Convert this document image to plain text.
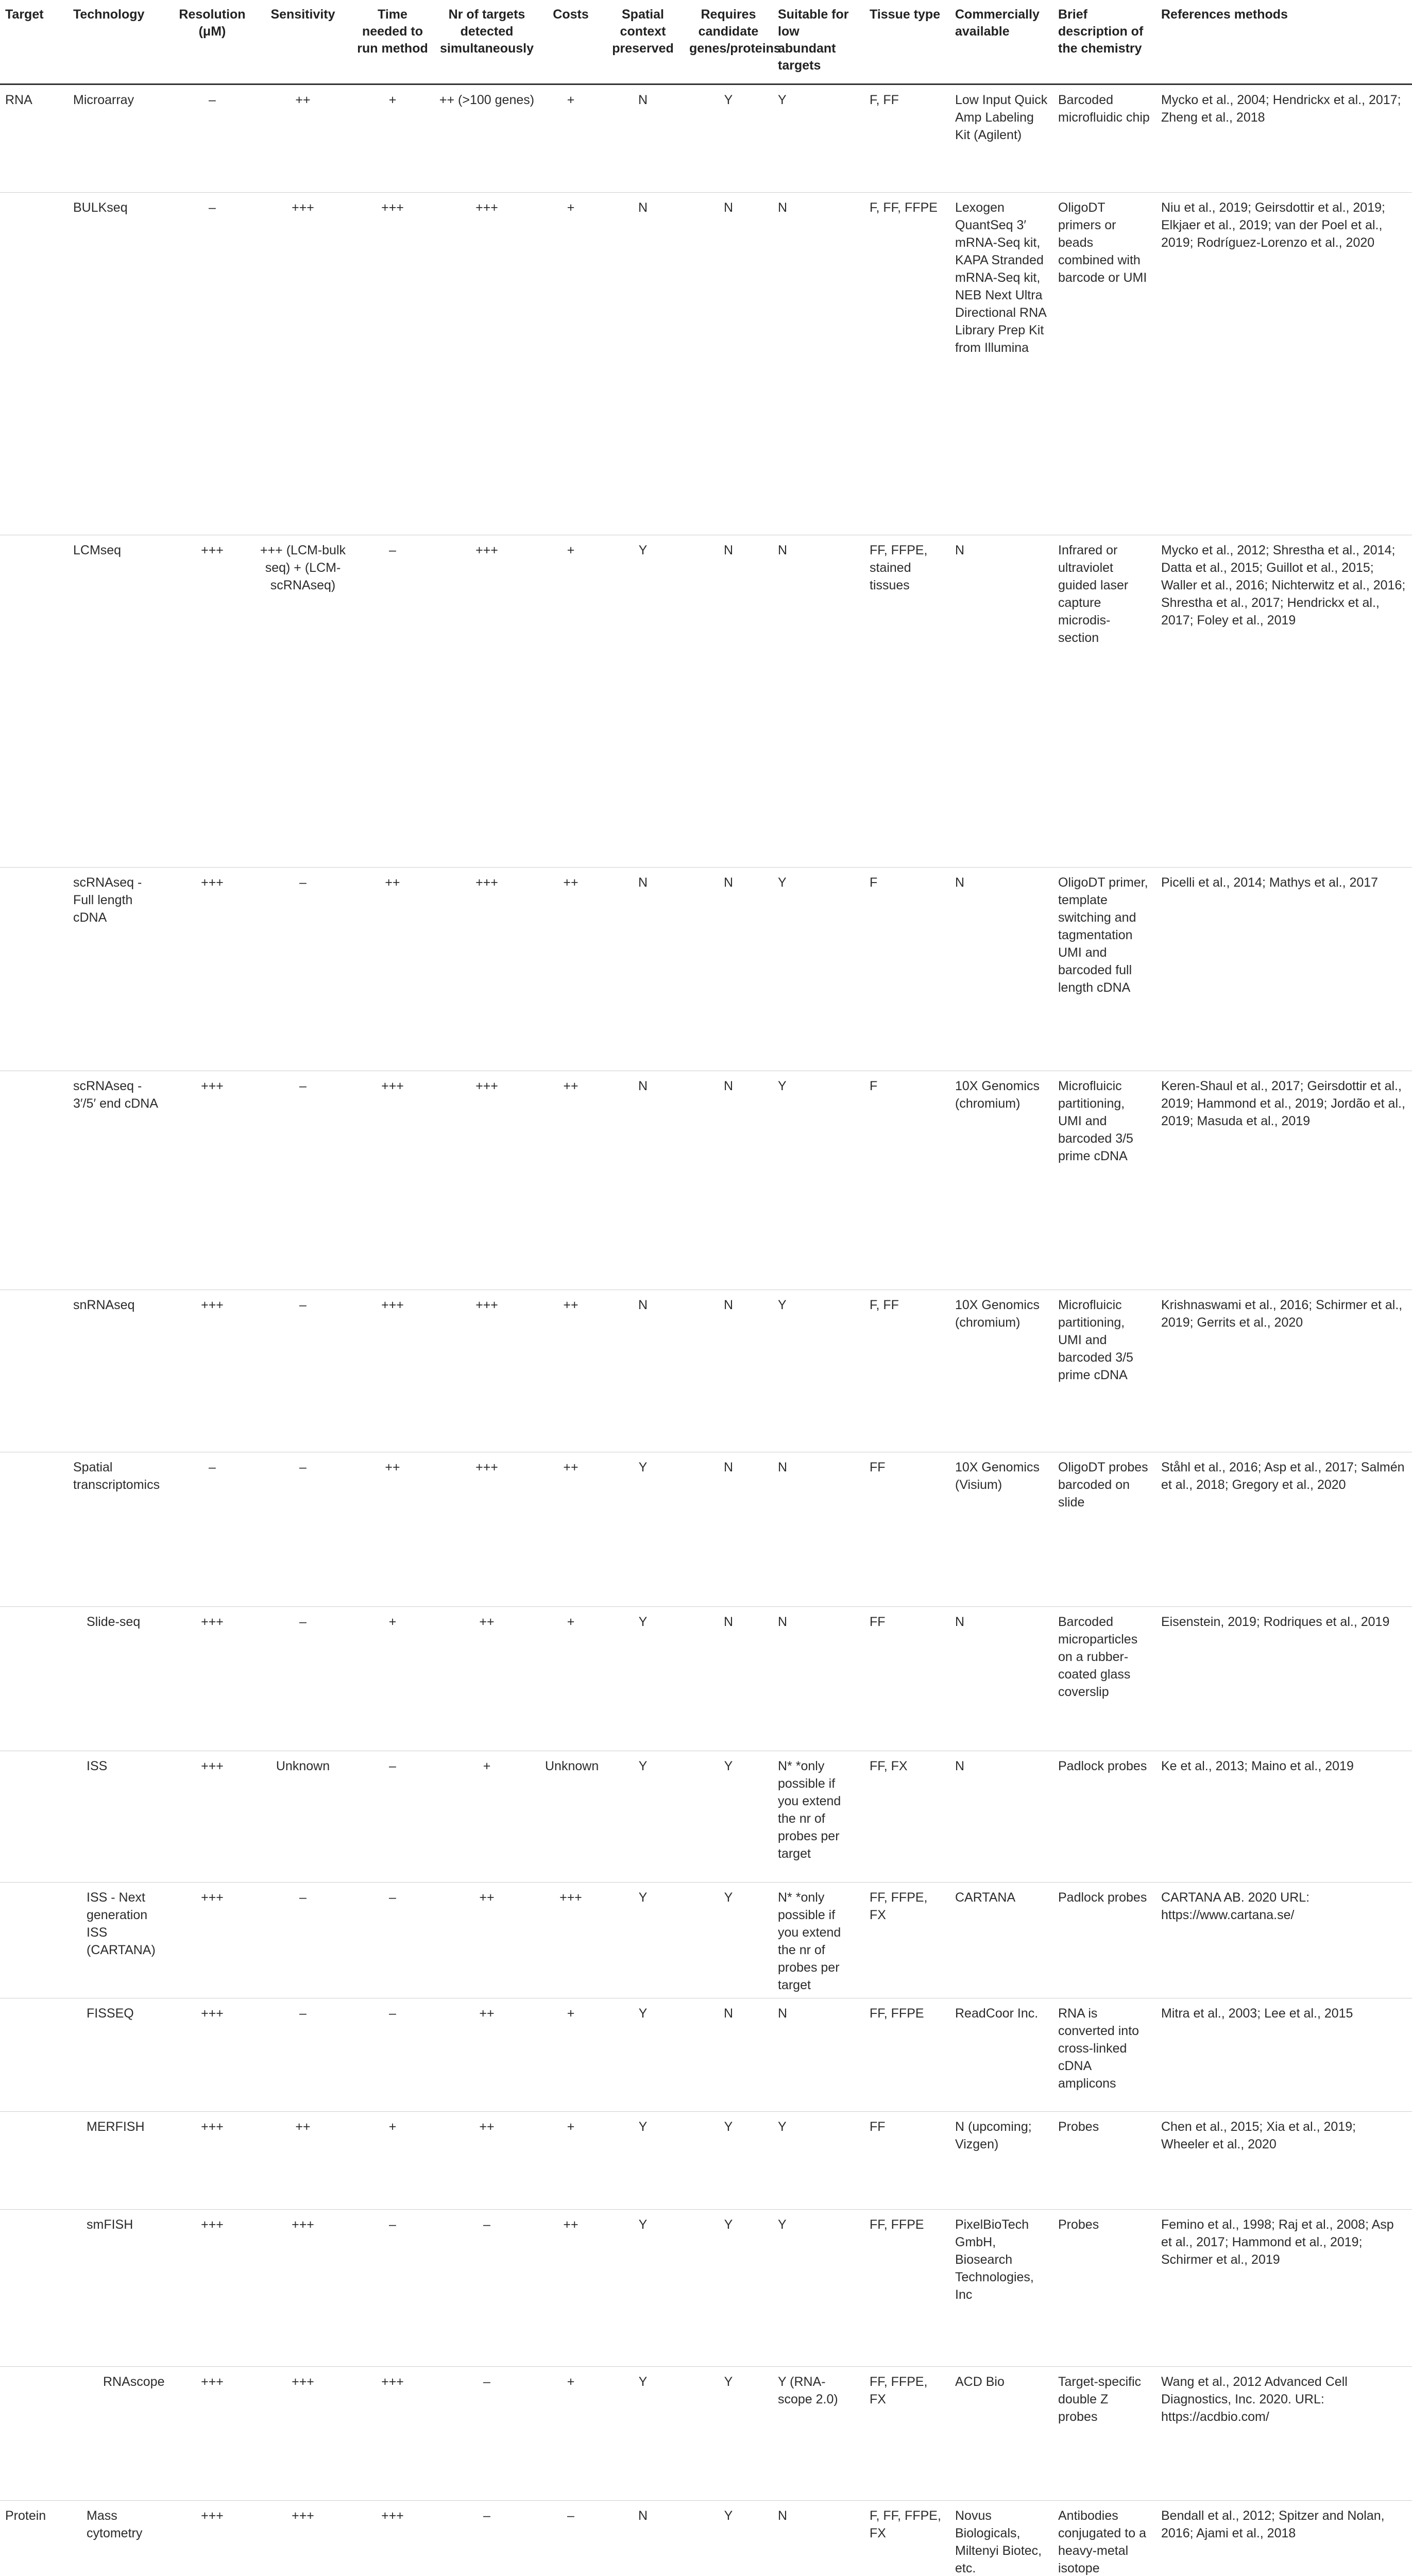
Target	Technology	Resolution (μM)	Sensitivity	Time needed to run method	Nr of targets detected simultaneously	Costs	Spatial context preserved	Requires candidate genes/proteins	Suitable for low abundant targets	Tissue type	Commercially available	Brief description of the chemistry	References methods
RNA	Microarray	–	++	+	++ (>100 genes)	+	N	Y	Y	F, FF	Low Input Quick Amp Labeling Kit (Agilent)	Barcoded microfluidic chip	Mycko et al., 2004; Hendrickx et al., 2017; Zheng et al., 2018
	BULKseq	–	+++	+++	+++	+	N	N	N	F, FF, FFPE	Lexogen QuantSeq 3′ mRNA-Seq kit, KAPA Stranded mRNA-Seq kit, NEB Next Ultra Directional RNA Library Prep Kit from Illumina	OligoDT primers or beads combined with barcode or UMI	Niu et al., 2019; Geirsdottir et al., 2019; Elkjaer et al., 2019; van der Poel et al., 2019; Rodríguez-Lorenzo et al., 2020
	LCMseq	+++	+++ (LCM-bulk seq) + (LCM-scRNAseq)	–	+++	+	Y	N	N	FF, FFPE, stained tissues	N	Infrared or ultraviolet guided laser capture microdis-section	Mycko et al., 2012; Shrestha et al., 2014; Datta et al., 2015; Guillot et al., 2015; Waller et al., 2016; Nichterwitz et al., 2016; Shrestha et al., 2017; Hendrickx et al., 2017; Foley et al., 2019
	scRNAseq - Full length cDNA	+++	–	++	+++	++	N	N	Y	F	N	OligoDT primer, template switching and tagmentation UMI and barcoded full length cDNA	Picelli et al., 2014; Mathys et al., 2017
	scRNAseq - 3′/5′ end cDNA	+++	–	+++	+++	++	N	N	Y	F	10X Genomics (chromium)	Microfluicic partitioning, UMI and barcoded 3/5 prime cDNA	Keren-Shaul et al., 2017; Geirsdottir et al., 2019; Hammond et al., 2019; Jordão et al., 2019; Masuda et al., 2019
	snRNAseq	+++	–	+++	+++	++	N	N	Y	F, FF	10X Genomics (chromium)	Microfluicic partitioning, UMI and barcoded 3/5 prime cDNA	Krishnaswami et al., 2016; Schirmer et al., 2019; Gerrits et al., 2020
	Spatial transcriptomics	–	–	++	+++	++	Y	N	N	FF	10X Genomics (Visium)	OligoDT probes barcoded on slide	Ståhl et al., 2016; Asp et al., 2017; Salmén et al., 2018; Gregory et al., 2020
	Slide-seq	+++	–	+	++	+	Y	N	N	FF	N	Barcoded microparticles on a rubber-coated glass coverslip	Eisenstein, 2019; Rodriques et al., 2019
	ISS	+++	Unknown	–	+	Unknown	Y	Y	N* *only possible if you extend the nr of probes per target	FF, FX	N	Padlock probes	Ke et al., 2013; Maino et al., 2019
	ISS - Next generation ISS (CARTANA)	+++	–	–	++	+++	Y	Y	N* *only possible if you extend the nr of probes per target	FF, FFPE, FX	CARTANA	Padlock probes	CARTANA AB. 2020 URL: https://www.cartana.se/
	FISSEQ	+++	–	–	++	+	Y	N	N	FF, FFPE	ReadCoor Inc.	RNA is converted into cross-linked cDNA amplicons	Mitra et al., 2003; Lee et al., 2015
	MERFISH	+++	++	+	++	+	Y	Y	Y	FF	N (upcoming; Vizgen)	Probes	Chen et al., 2015; Xia et al., 2019; Wheeler et al., 2020
	smFISH	+++	+++	–	–	++	Y	Y	Y	FF, FFPE	PixelBioTech GmbH, Biosearch Technologies, Inc	Probes	Femino et al., 1998; Raj et al., 2008; Asp et al., 2017; Hammond et al., 2019; Schirmer et al., 2019
	RNAscope	+++	+++	+++	–	+	Y	Y	Y (RNA-scope 2.0)	FF, FFPE, FX	ACD Bio	Target-specific double Z probes	Wang et al., 2012 Advanced Cell Diagnostics, Inc. 2020. URL: https://acdbio.com/
Protein	Mass cytometry	+++	+++	+++	–	–	N	Y	N	F, FF, FFPE, FX	Novus Biologicals, Miltenyi Biotec, etc.	Antibodies conjugated to a heavy-metal isotope	Bendall et al., 2012; Spitzer and Nolan, 2016; Ajami et al., 2018
